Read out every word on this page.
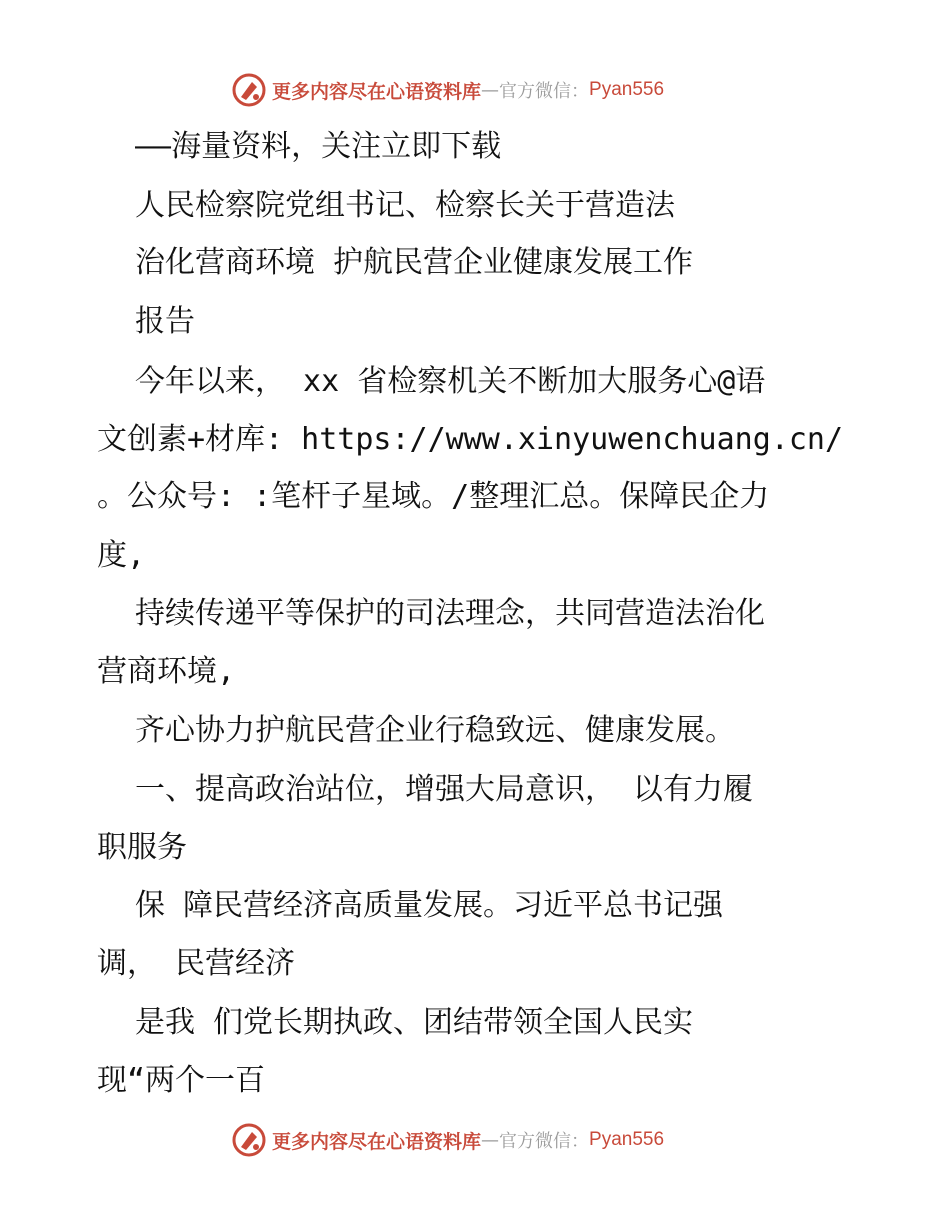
更多内容尽在心语资料库 — 官方微信： Pyan556
——海量资料，关注立即下载
人民检察院党组书记、检察长关于营造法
治化营商环境 护航民营企业健康发展工作
报告
今年以来， xx 省检察机关不断加大服务心@语
文创素+材库: https://www.xinyuwenchuang.cn/
。公众号: :笔杆子星域。/整理汇总。保障民企力
度,
持续传递平等保护的司法理念，共同营造法治化
营商环境,
齐心协力护航民营企业行稳致远、健康发展。
一、提高政治站位，增强大局意识， 以有力履
职服务
保 障民营经济高质量发展。习近平总书记强
调， 民营经济
是我 们党长期执政、团结带领全国人民实
现“两个一百
更多内容尽在心语资料库 — 官方微信： Pyan556
